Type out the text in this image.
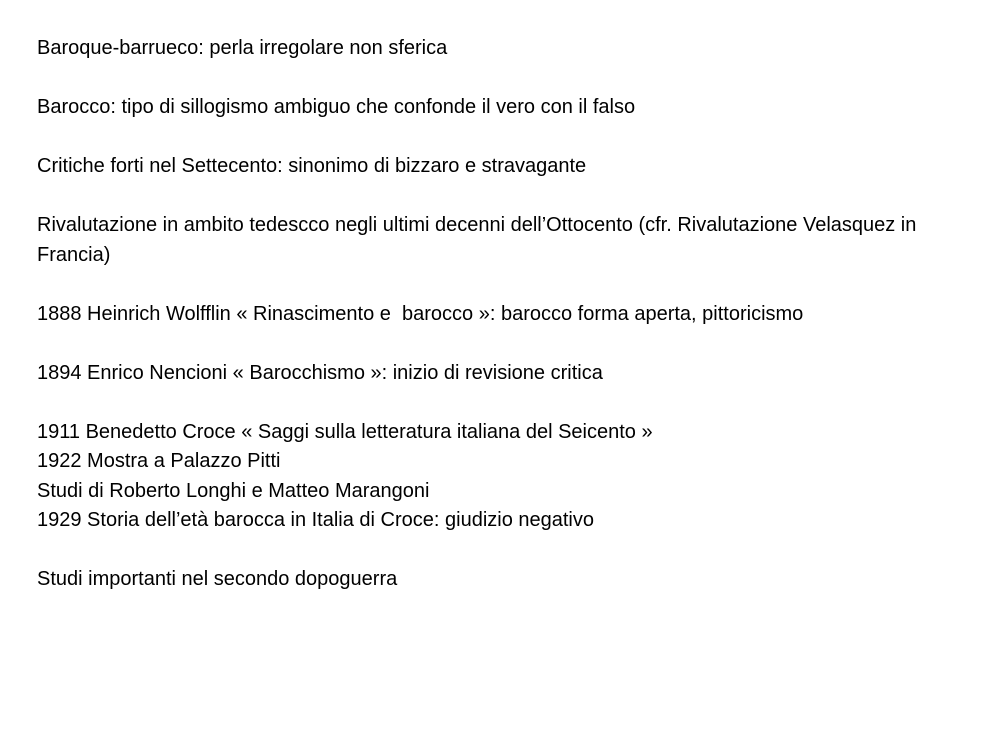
Baroque-barrueco: perla irregolare non sferica

Barocco: tipo di sillogismo ambiguo che confonde il vero con il falso

Critiche forti nel Settecento: sinonimo di bizzaro e stravagante

Rivalutazione in ambito tedescco negli ultimi decenni dell’Ottocento (cfr. Rivalutazione Velasquez in Francia)

1888 Heinrich Wolfflin « Rinascimento e  barocco »: barocco forma aperta, pittoricismo

1894 Enrico Nencioni « Barocchismo »: inizio di revisione critica

1911 Benedetto Croce « Saggi sulla letteratura italiana del Seicento »
1922 Mostra a Palazzo Pitti
Studi di Roberto Longhi e Matteo Marangoni
1929 Storia dell’età barocca in Italia di Croce: giudizio negativo

Studi importanti nel secondo dopoguerra
